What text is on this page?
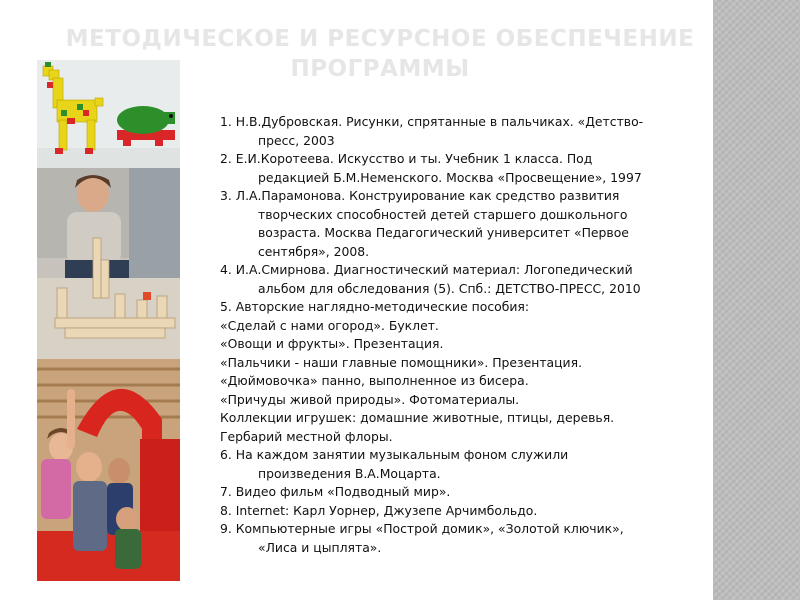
МЕТОДИЧЕСКОЕ И РЕСУРСНОЕ ОБЕСПЕЧЕНИЕ
ПРОГРАММЫ
1. Н.В.Дубровская. Рисунки, спрятанные в пальчиках. «Детство-
пресс, 2003
2. Е.И.Коротеева. Искусство и ты. Учебник 1 класса. Под
редакцией Б.М.Неменского. Москва «Просвещение», 1997
3. Л.А.Парамонова. Конструирование как средство развития
творческих способностей детей старшего дошкольного
возраста. Москва Педагогический университет «Первое
сентября», 2008.
4. И.А.Смирнова. Диагностический материал: Логопедический
альбом для обследования (5). Спб.: ДЕТСТВО-ПРЕСС, 2010
5. Авторские наглядно-методические пособия:
«Сделай с нами огород». Буклет.
«Овощи и фрукты». Презентация.
«Пальчики - наши главные помощники». Презентация.
«Дюймовочка» панно, выполненное из бисера.
«Причуды живой природы». Фотоматериалы.
Коллекции игрушек: домашние животные, птицы, деревья.
Гербарий местной флоры.
6. На каждом занятии музыкальным фоном служили
произведения В.А.Моцарта.
7. Видео фильм «Подводный мир».
8. Internet: Карл Уорнер, Джузепе Арчимбольдо.
9. Компьютерные игры «Построй домик», «Золотой ключик»,
«Лиса и цыплята».
